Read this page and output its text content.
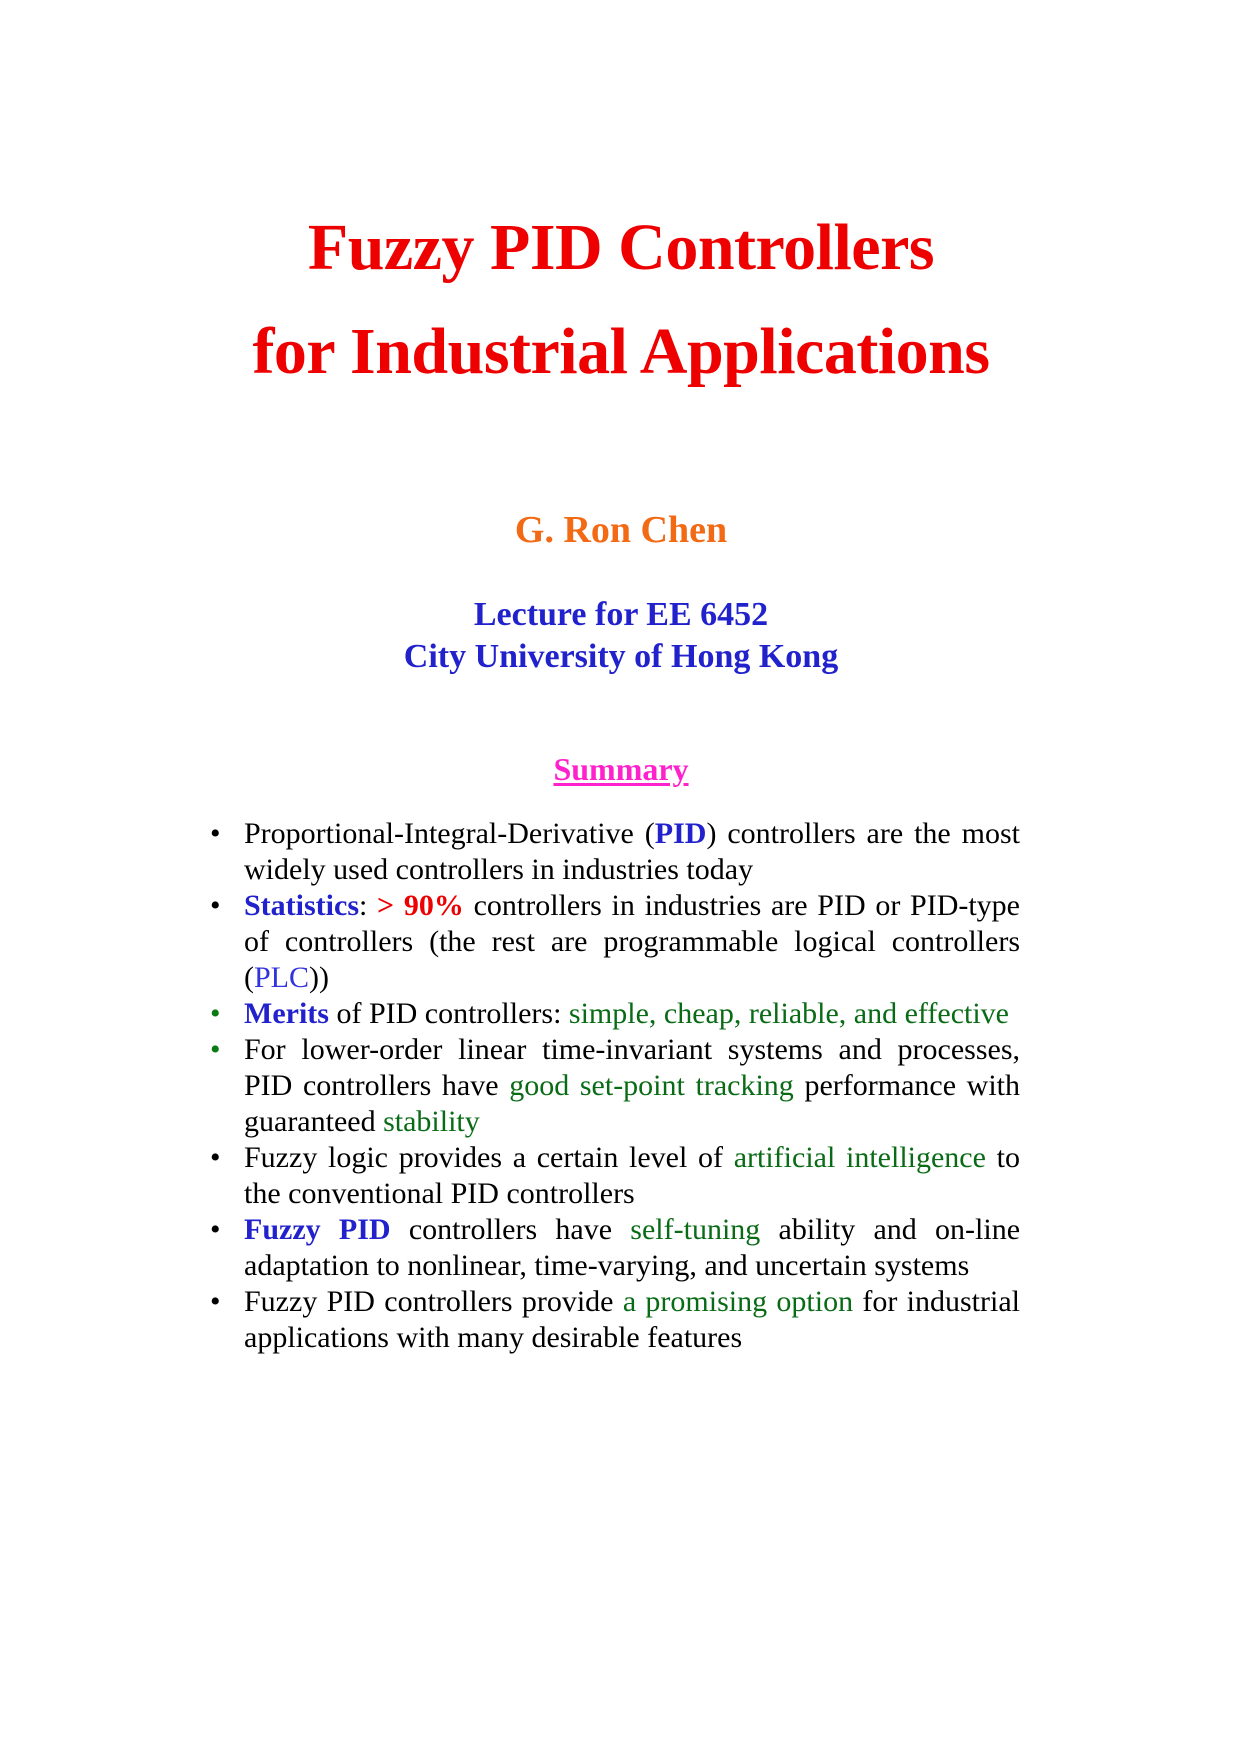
Fuzzy PID Controllers
for Industrial Applications
G. Ron Chen
Lecture for EE 6452
City University of Hong Kong
Summary
• Proportional-Integral-Derivative (PID) controllers are the most widely used controllers in industries today
• Statistics: > 90% controllers in industries are PID or PID-type of controllers (the rest are programmable logical controllers (PLC))
• Merits of PID controllers: simple, cheap, reliable, and effective
• For lower-order linear time-invariant systems and processes, PID controllers have good set-point tracking performance with guaranteed stability
• Fuzzy logic provides a certain level of artificial intelligence to the conventional PID controllers
• Fuzzy PID controllers have self-tuning ability and on-line adaptation to nonlinear, time-varying, and uncertain systems
• Fuzzy PID controllers provide a promising option for industrial applications with many desirable features
